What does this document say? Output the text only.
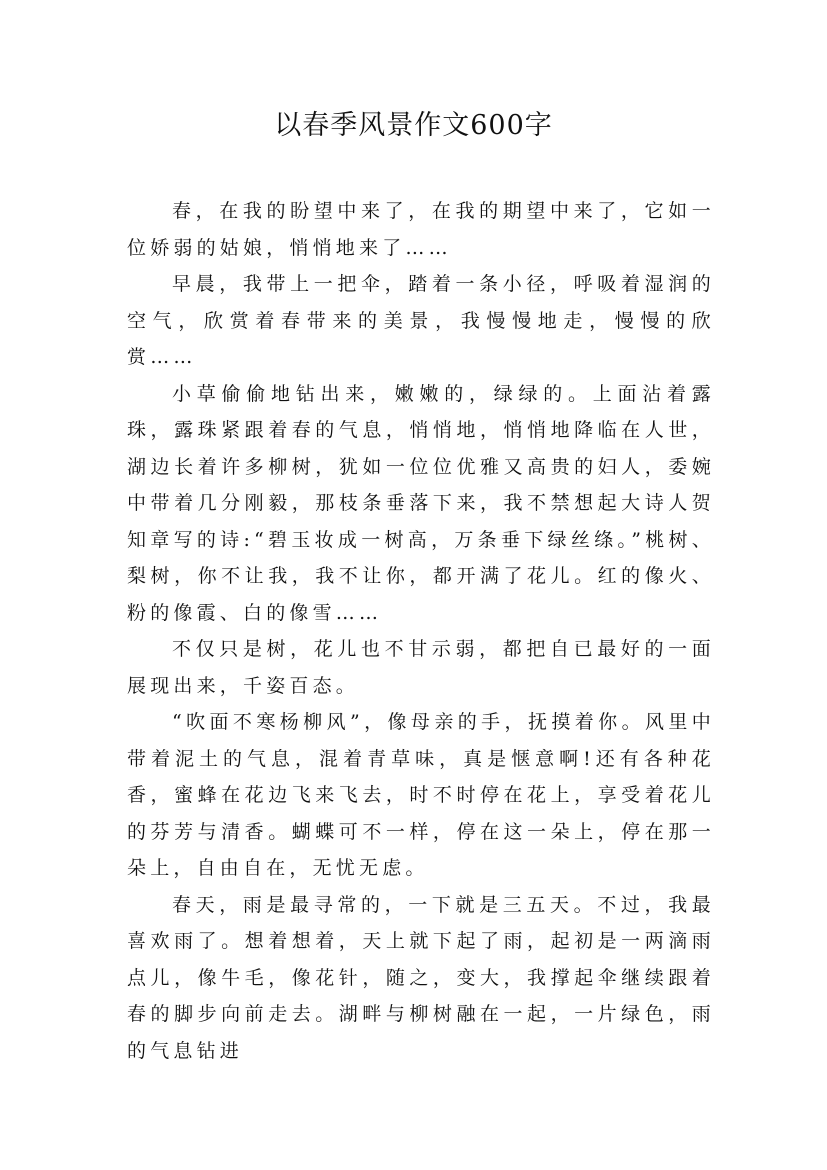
以春季风景作文600字

春，在我的盼望中来了，在我的期望中来了，它如一位娇弱的姑娘，悄悄地来了……

早晨，我带上一把伞，踏着一条小径，呼吸着湿润的空气，欣赏着春带来的美景，我慢慢地走，慢慢的欣赏……

小草偷偷地钻出来，嫩嫩的，绿绿的。上面沾着露珠，露珠紧跟着春的气息，悄悄地，悄悄地降临在人世，湖边长着许多柳树，犹如一位位优雅又高贵的妇人，委婉中带着几分刚毅，那枝条垂落下来，我不禁想起大诗人贺知章写的诗:“碧玉妆成一树高，万条垂下绿丝绦。”桃树、梨树，你不让我，我不让你，都开满了花儿。红的像火、粉的像霞、白的像雪……

不仅只是树，花儿也不甘示弱，都把自已最好的一面展现出来，千姿百态。

“吹面不寒杨柳风”，像母亲的手，抚摸着你。风里中带着泥土的气息，混着青草味，真是惬意啊!还有各种花香，蜜蜂在花边飞来飞去，时不时停在花上，享受着花儿的芬芳与清香。蝴蝶可不一样，停在这一朵上，停在那一朵上，自由自在，无忧无虑。

春天，雨是最寻常的，一下就是三五天。不过，我最喜欢雨了。想着想着，天上就下起了雨，起初是一两滴雨点儿，像牛毛，像花针，随之，变大，我撑起伞继续跟着春的脚步向前走去。湖畔与柳树融在一起，一片绿色，雨的气息钻进
